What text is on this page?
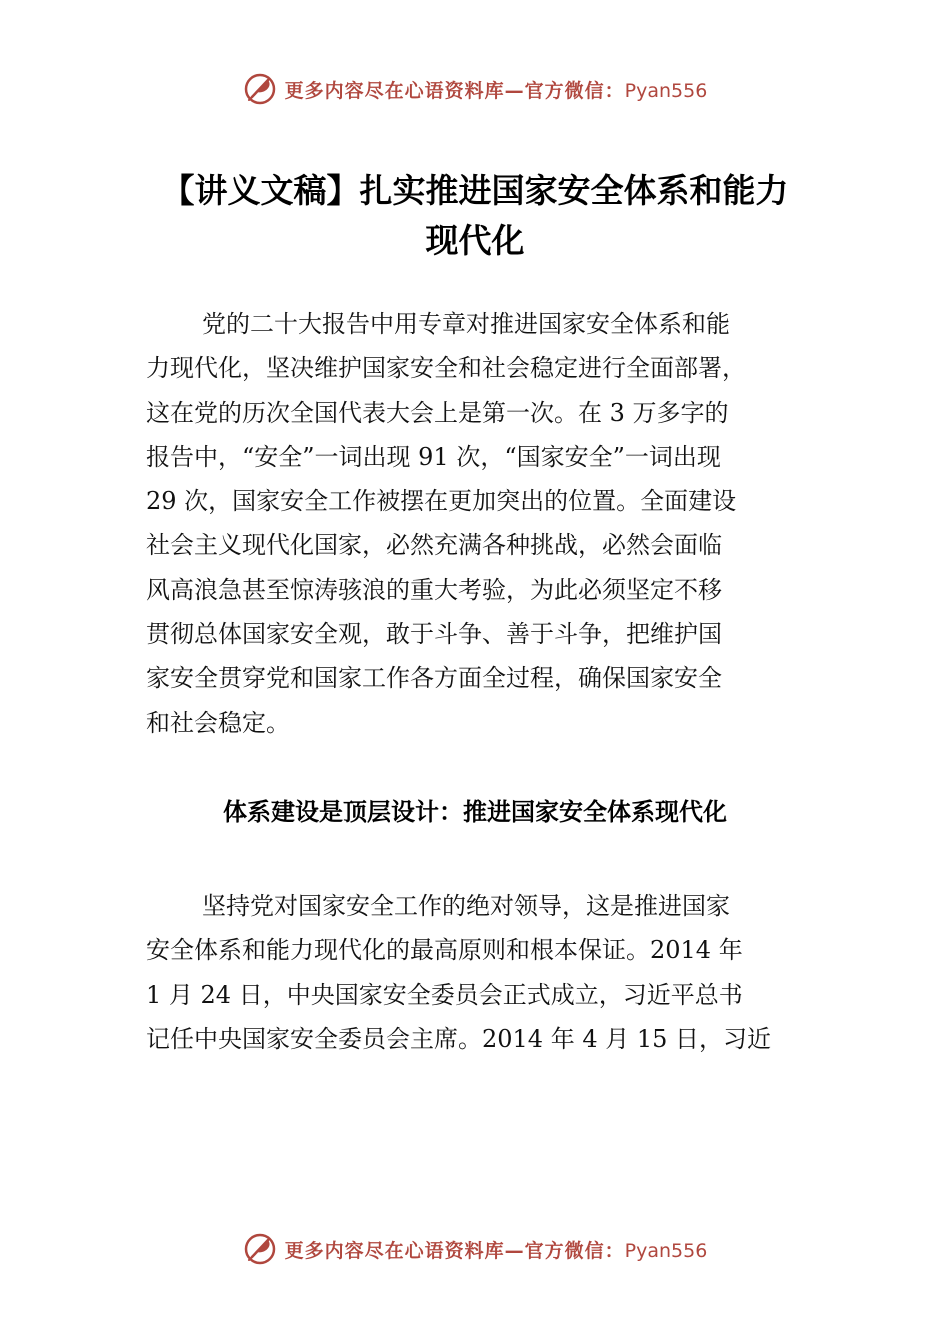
更多内容尽在心语资料库—官方微信：Pyan556
【讲义文稿】扎实推进国家安全体系和能力
现代化
党的二十大报告中用专章对推进国家安全体系和能
力现代化，坚决维护国家安全和社会稳定进行全面部署，
这在党的历次全国代表大会上是第一次。在 3 万多字的
报告中，“安全”一词出现 91 次，“国家安全”一词出现
29 次，国家安全工作被摆在更加突出的位置。全面建设
社会主义现代化国家，必然充满各种挑战，必然会面临
风高浪急甚至惊涛骇浪的重大考验，为此必须坚定不移
贯彻总体国家安全观，敢于斗争、善于斗争，把维护国
家安全贯穿党和国家工作各方面全过程，确保国家安全
和社会稳定。
体系建设是顶层设计：推进国家安全体系现代化
坚持党对国家安全工作的绝对领导，这是推进国家
安全体系和能力现代化的最高原则和根本保证。2014 年
1 月 24 日，中央国家安全委员会正式成立，习近平总书
记任中央国家安全委员会主席。2014 年 4 月 15 日，习近
更多内容尽在心语资料库—官方微信：Pyan556
